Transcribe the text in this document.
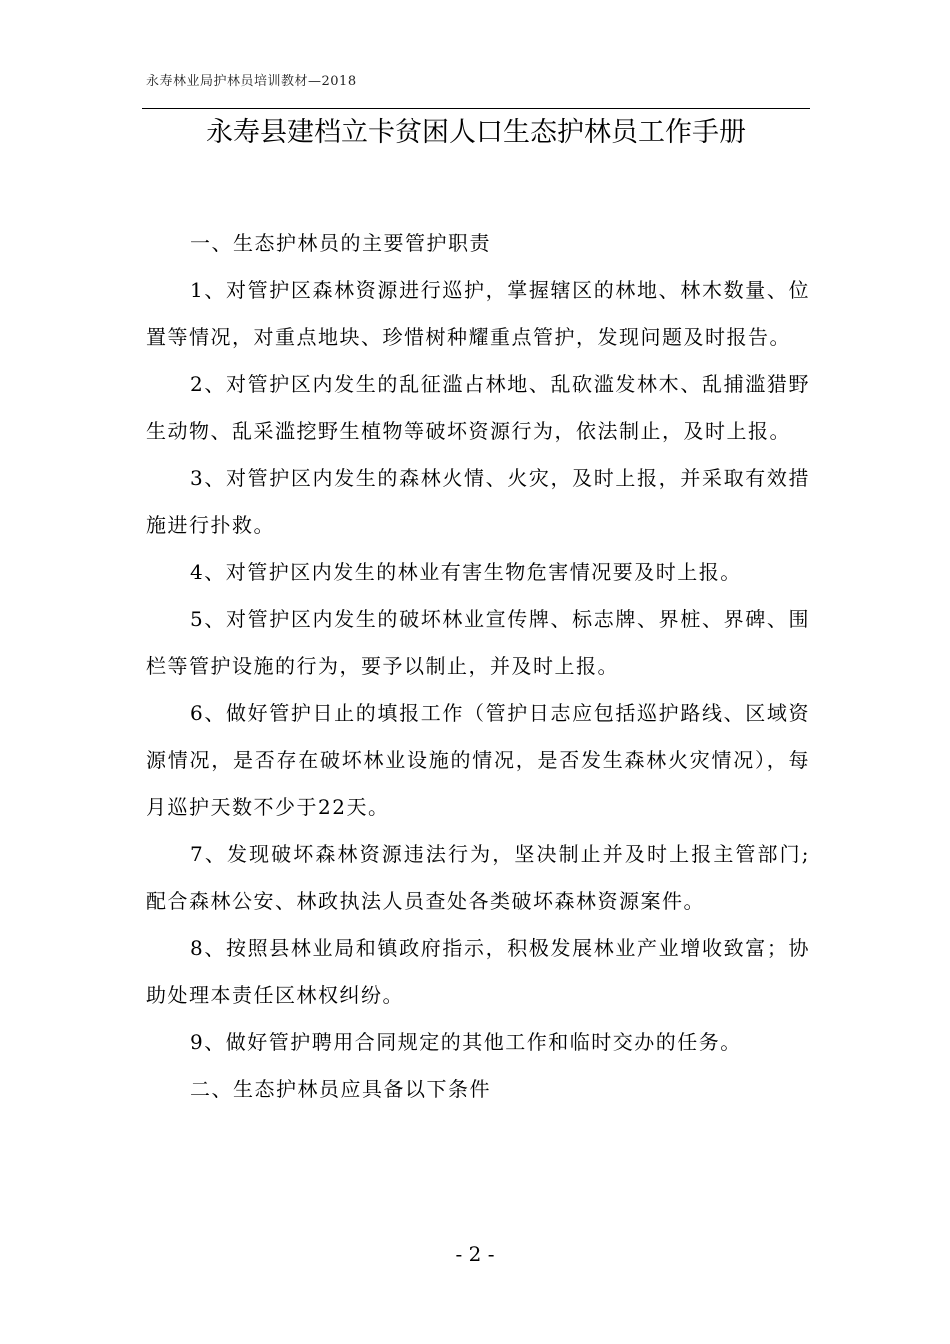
永寿林业局护林员培训教材—2018
永寿县建档立卡贫困人口生态护林员工作手册

一、生态护林员的主要管护职责

1、对管护区森林资源进行巡护，掌握辖区的林地、林木数量、位置等情况，对重点地块、珍惜树种耀重点管护，发现问题及时报告。

2、对管护区内发生的乱征滥占林地、乱砍滥发林木、乱捕滥猎野生动物、乱采滥挖野生植物等破坏资源行为，依法制止，及时上报。

3、对管护区内发生的森林火情、火灾，及时上报，并采取有效措施进行扑救。

4、对管护区内发生的林业有害生物危害情况要及时上报。

5、对管护区内发生的破坏林业宣传牌、标志牌、界桩、界碑、围栏等管护设施的行为，要予以制止，并及时上报。

6、做好管护日止的填报工作（管护日志应包括巡护路线、区域资源情况，是否存在破坏林业设施的情况，是否发生森林火灾情况），每月巡护天数不少于22天。

7、发现破坏森林资源违法行为，坚决制止并及时上报主管部门;配合森林公安、林政执法人员查处各类破坏森林资源案件。

8、按照县林业局和镇政府指示，积极发展林业产业增收致富；协助处理本责任区林权纠纷。

9、做好管护聘用合同规定的其他工作和临时交办的任务。

二、生态护林员应具备以下条件

- 2 -
